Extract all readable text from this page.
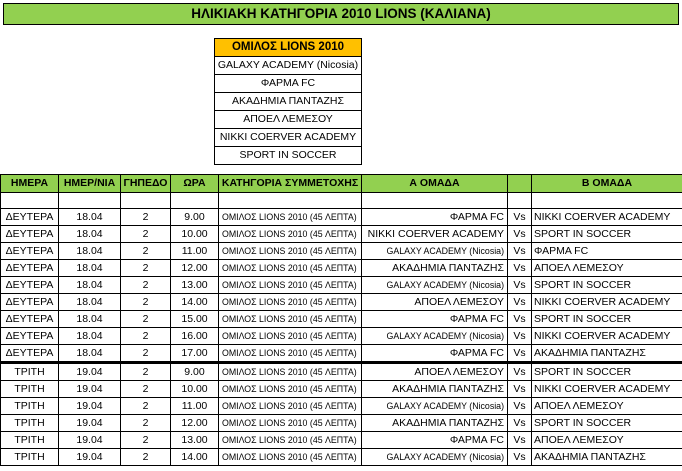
ΗΛΙΚΙΑΚΗ ΚΑΤΗΓΟΡΙΑ 2010 LIONS (ΚΑΛΙΑΝΑ)
ΟΜΙΛΟΣ LIONS 2010
GALAXY ACADEMY (Nicosia)
ΦΑΡΜΑ FC
ΑΚΑΔΗΜΙΑ ΠΑΝΤΑΖΗΣ
ΑΠΟΕΛ ΛΕΜΕΣΟΥ
NIKKI COERVER ACADEMY
SPORT IN SOCCER
ΗΜΕΡΑ	ΗΜΕΡ/ΝΙΑ	ΓΗΠΕΔΟ	ΩΡΑ	ΚΑΤΗΓΟΡΙΑ ΣΥΜΜΕΤΟΧΗΣ	Α ΟΜΑΔΑ		Β ΟΜΑΔΑ

ΔΕΥΤΕΡΑ	18.04	2	9.00	ΟΜΙΛΟΣ LIONS 2010 (45 ΛΕΠΤΑ)	ΦΑΡΜΑ FC	Vs	NIKKI COERVER ACADEMY
ΔΕΥΤΕΡΑ	18.04	2	10.00	ΟΜΙΛΟΣ LIONS 2010 (45 ΛΕΠΤΑ)	NIKKI COERVER ACADEMY	Vs	SPORT IN SOCCER
ΔΕΥΤΕΡΑ	18.04	2	11.00	ΟΜΙΛΟΣ LIONS 2010 (45 ΛΕΠΤΑ)	GALAXY ACADEMY (Nicosia)	Vs	ΦΑΡΜΑ FC
ΔΕΥΤΕΡΑ	18.04	2	12.00	ΟΜΙΛΟΣ LIONS 2010 (45 ΛΕΠΤΑ)	ΑΚΑΔΗΜΙΑ ΠΑΝΤΑΖΗΣ	Vs	ΑΠΟΕΛ ΛΕΜΕΣΟΥ
ΔΕΥΤΕΡΑ	18.04	2	13.00	ΟΜΙΛΟΣ LIONS 2010 (45 ΛΕΠΤΑ)	GALAXY ACADEMY (Nicosia)	Vs	SPORT IN SOCCER
ΔΕΥΤΕΡΑ	18.04	2	14.00	ΟΜΙΛΟΣ LIONS 2010 (45 ΛΕΠΤΑ)	ΑΠΟΕΛ ΛΕΜΕΣΟΥ	Vs	NIKKI COERVER ACADEMY
ΔΕΥΤΕΡΑ	18.04	2	15.00	ΟΜΙΛΟΣ LIONS 2010 (45 ΛΕΠΤΑ)	ΦΑΡΜΑ FC	Vs	SPORT IN SOCCER
ΔΕΥΤΕΡΑ	18.04	2	16.00	ΟΜΙΛΟΣ LIONS 2010 (45 ΛΕΠΤΑ)	GALAXY ACADEMY (Nicosia)	Vs	NIKKI COERVER ACADEMY
ΔΕΥΤΕΡΑ	18.04	2	17.00	ΟΜΙΛΟΣ LIONS 2010 (45 ΛΕΠΤΑ)	ΦΑΡΜΑ FC	Vs	ΑΚΑΔΗΜΙΑ ΠΑΝΤΑΖΗΣ
ΤΡΙΤΗ	19.04	2	9.00	ΟΜΙΛΟΣ LIONS 2010 (45 ΛΕΠΤΑ)	ΑΠΟΕΛ ΛΕΜΕΣΟΥ	Vs	SPORT IN SOCCER
ΤΡΙΤΗ	19.04	2	10.00	ΟΜΙΛΟΣ LIONS 2010 (45 ΛΕΠΤΑ)	ΑΚΑΔΗΜΙΑ ΠΑΝΤΑΖΗΣ	Vs	NIKKI COERVER ACADEMY
ΤΡΙΤΗ	19.04	2	11.00	ΟΜΙΛΟΣ LIONS 2010 (45 ΛΕΠΤΑ)	GALAXY ACADEMY (Nicosia)	Vs	ΑΠΟΕΛ ΛΕΜΕΣΟΥ
ΤΡΙΤΗ	19.04	2	12.00	ΟΜΙΛΟΣ LIONS 2010 (45 ΛΕΠΤΑ)	ΑΚΑΔΗΜΙΑ ΠΑΝΤΑΖΗΣ	Vs	SPORT IN SOCCER
ΤΡΙΤΗ	19.04	2	13.00	ΟΜΙΛΟΣ LIONS 2010 (45 ΛΕΠΤΑ)	ΦΑΡΜΑ FC	Vs	ΑΠΟΕΛ ΛΕΜΕΣΟΥ
ΤΡΙΤΗ	19.04	2	14.00	ΟΜΙΛΟΣ LIONS 2010 (45 ΛΕΠΤΑ)	GALAXY ACADEMY (Nicosia)	Vs	ΑΚΑΔΗΜΙΑ ΠΑΝΤΑΖΗΣ
